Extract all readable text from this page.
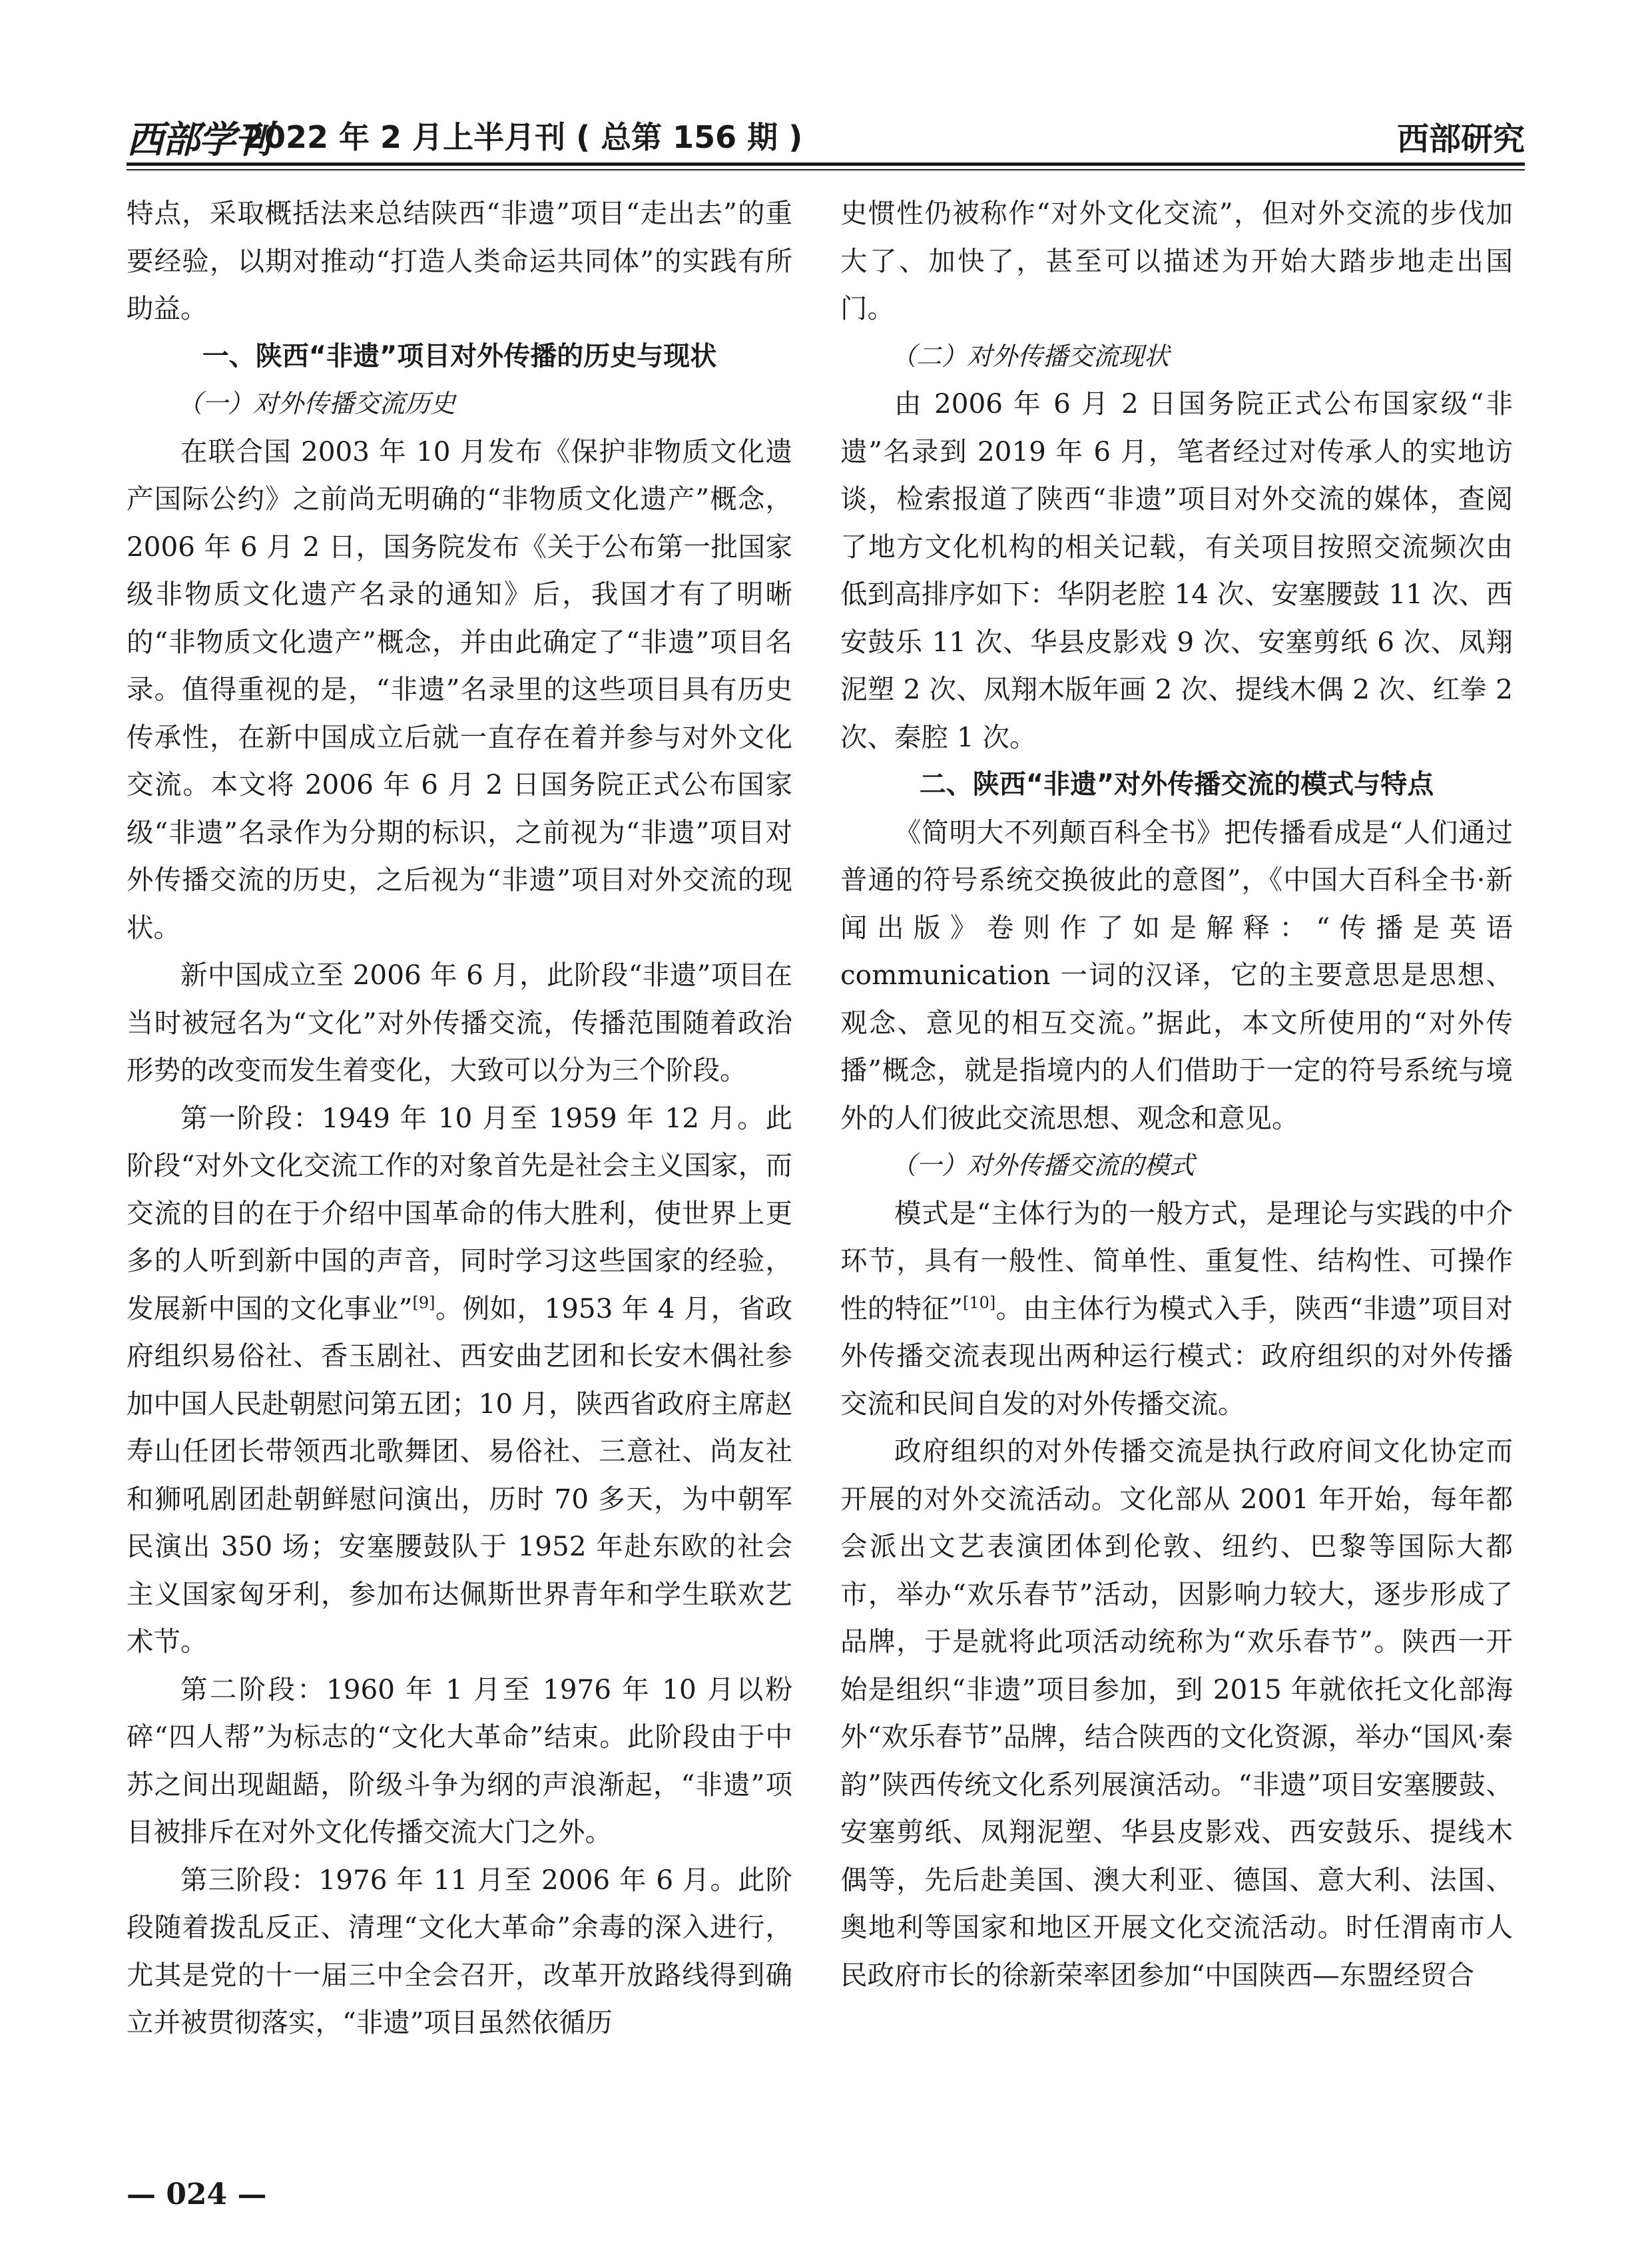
西部学刊
2022 年 2 月上半月刊 ( 总第 156 期 )	西部研究

特点，采取概括法来总结陕西“非遗”项目“走出去”的重要经验，以期对推动“打造人类命运共同体”的实践有所助益。

一、陕西“非遗”项目对外传播的历史与现状
（一）对外传播交流历史

在联合国 2003 年 10 月发布《保护非物质文化遗产国际公约》之前尚无明确的“非物质文化遗产”概念，2006 年 6 月 2 日，国务院发布《关于公布第一批国家级非物质文化遗产名录的通知》后，我国才有了明晰的“非物质文化遗产”概念，并由此确定了“非遗”项目名录。值得重视的是，“非遗”名录里的这些项目具有历史传承性，在新中国成立后就一直存在着并参与对外文化交流。本文将 2006 年 6 月 2 日国务院正式公布国家级“非遗”名录作为分期的标识，之前视为“非遗”项目对外传播交流的历史，之后视为“非遗”项目对外交流的现状。

新中国成立至 2006 年 6 月，此阶段“非遗”项目在当时被冠名为“文化”对外传播交流，传播范围随着政治形势的改变而发生着变化，大致可以分为三个阶段。

第一阶段：1949 年 10 月至 1959 年 12 月。此阶段“对外文化交流工作的对象首先是社会主义国家，而交流的目的在于介绍中国革命的伟大胜利，使世界上更多的人听到新中国的声音，同时学习这些国家的经验，发展新中国的文化事业”[9]。例如，1953 年 4 月，省政府组织易俗社、香玉剧社、西安曲艺团和长安木偶社参加中国人民赴朝慰问第五团；10 月，陕西省政府主席赵寿山任团长带领西北歌舞团、易俗社、三意社、尚友社和狮吼剧团赴朝鲜慰问演出，历时 70 多天，为中朝军民演出 350 场；安塞腰鼓队于 1952 年赴东欧的社会主义国家匈牙利，参加布达佩斯世界青年和学生联欢艺术节。

第二阶段：1960 年 1 月至 1976 年 10 月以粉碎“四人帮”为标志的“文化大革命”结束。此阶段由于中苏之间出现龃龉，阶级斗争为纲的声浪渐起，“非遗”项目被排斥在对外文化传播交流大门之外。

第三阶段：1976 年 11 月至 2006 年 6 月。此阶段随着拨乱反正、清理“文化大革命”余毒的深入进行，尤其是党的十一届三中全会召开，改革开放路线得到确立并被贯彻落实，“非遗”项目虽然依循历

史惯性仍被称作“对外文化交流”，但对外交流的步伐加大了、加快了，甚至可以描述为开始大踏步地走出国门。

（二）对外传播交流现状

由 2006 年 6 月 2 日国务院正式公布国家级“非遗”名录到 2019 年 6 月，笔者经过对传承人的实地访谈，检索报道了陕西“非遗”项目对外交流的媒体，查阅了地方文化机构的相关记载，有关项目按照交流频次由低到高排序如下：华阴老腔 14 次、安塞腰鼓 11 次、西安鼓乐 11 次、华县皮影戏 9 次、安塞剪纸 6 次、凤翔泥塑 2 次、凤翔木版年画 2 次、提线木偶 2 次、红拳 2 次、秦腔 1 次。

二、陕西“非遗”对外传播交流的模式与特点

《简明大不列颠百科全书》把传播看成是“人们通过普通的符号系统交换彼此的意图”，《中国大百科全书·新闻出版》卷则作了如是解释：“传播是英语 communication 一词的汉译，它的主要意思是思想、观念、意见的相互交流。”据此，本文所使用的“对外传播”概念，就是指境内的人们借助于一定的符号系统与境外的人们彼此交流思想、观念和意见。

（一）对外传播交流的模式

模式是“主体行为的一般方式，是理论与实践的中介环节，具有一般性、简单性、重复性、结构性、可操作性的特征”[10]。由主体行为模式入手，陕西“非遗”项目对外传播交流表现出两种运行模式：政府组织的对外传播交流和民间自发的对外传播交流。

政府组织的对外传播交流是执行政府间文化协定而开展的对外交流活动。文化部从 2001 年开始，每年都会派出文艺表演团体到伦敦、纽约、巴黎等国际大都市，举办“欢乐春节”活动，因影响力较大，逐步形成了品牌，于是就将此项活动统称为“欢乐春节”。陕西一开始是组织“非遗”项目参加，到 2015 年就依托文化部海外“欢乐春节”品牌，结合陕西的文化资源，举办“国风·秦韵”陕西传统文化系列展演活动。“非遗”项目安塞腰鼓、安塞剪纸、凤翔泥塑、华县皮影戏、西安鼓乐、提线木偶等，先后赴美国、澳大利亚、德国、意大利、法国、奥地利等国家和地区开展文化交流活动。时任渭南市人民政府市长的徐新荣率团参加“中国陕西—东盟经贸合

— 024 —
